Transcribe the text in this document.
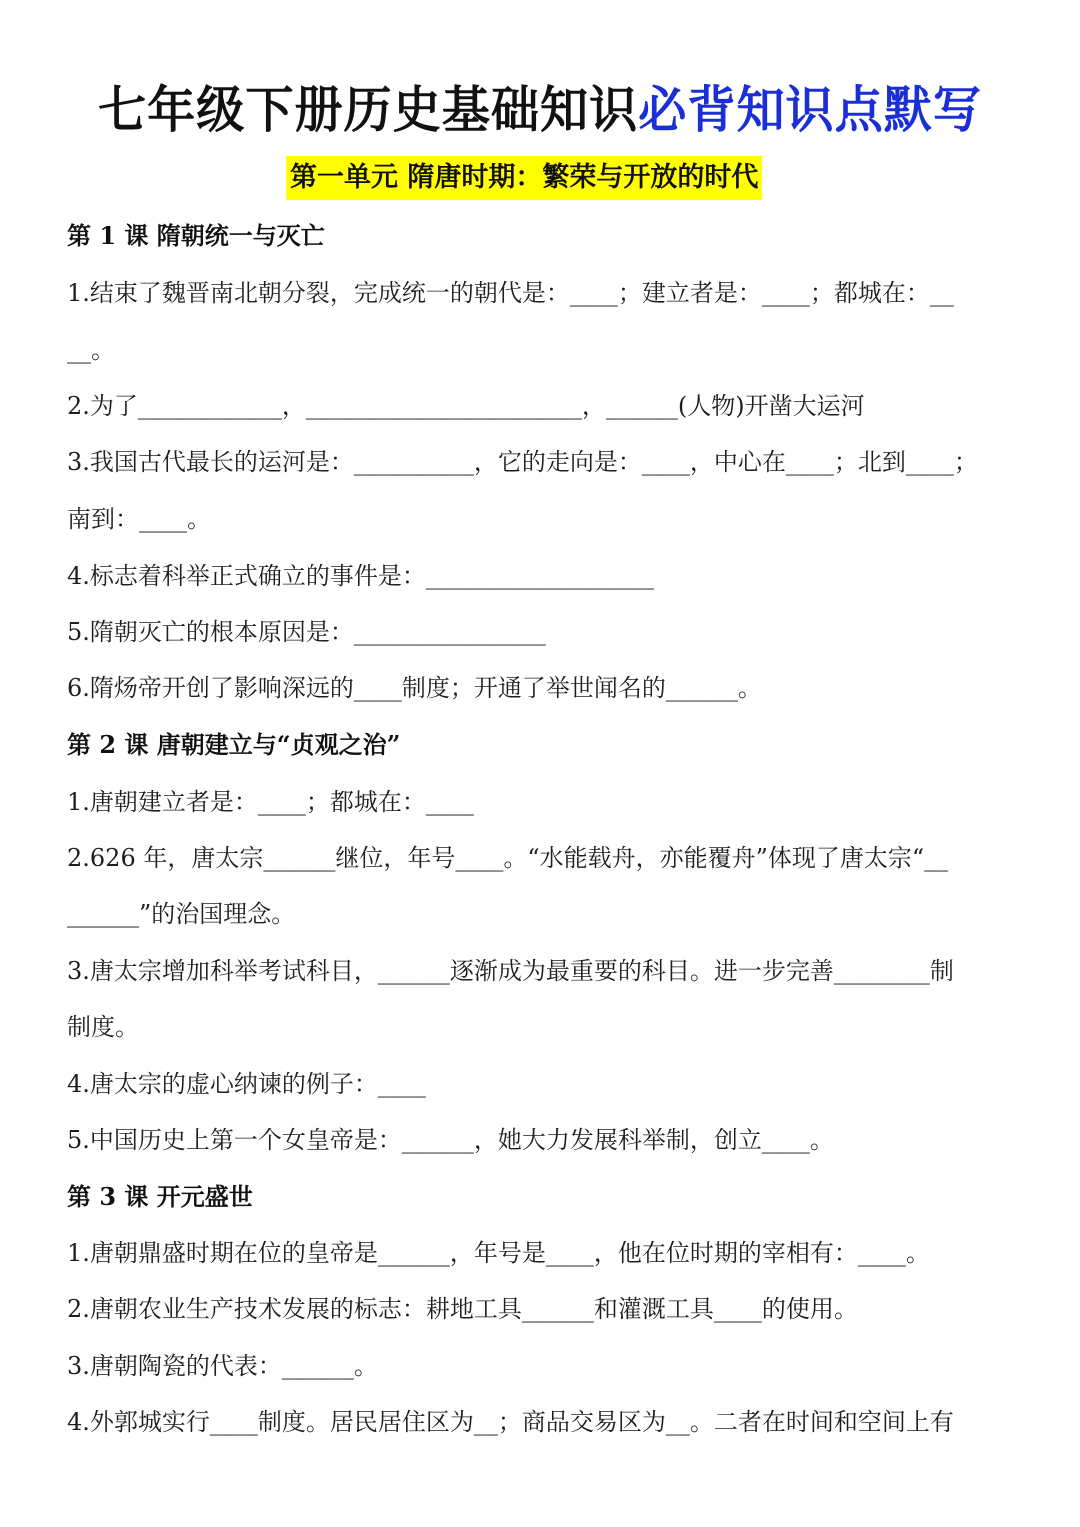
七年级下册历史基础知识必背知识点默写
第一单元 隋唐时期：繁荣与开放的时代
第 1 课 隋朝统一与灭亡
1.结束了魏晋南北朝分裂，完成统一的朝代是：____；建立者是：____；都城在：__
__。
2.为了____________，_______________________，______(人物)开凿大运河
3.我国古代最长的运河是：__________，它的走向是：____，中心在____；北到____；
南到：____。
4.标志着科举正式确立的事件是：___________________
5.隋朝灭亡的根本原因是：________________
6.隋炀帝开创了影响深远的____制度；开通了举世闻名的______。
第 2 课 唐朝建立与“贞观之治”
1.唐朝建立者是：____；都城在：____
2.626 年，唐太宗______继位，年号____。“水能载舟，亦能覆舟”体现了唐太宗“__
______”的治国理念。
3.唐太宗增加科举考试科目，______逐渐成为最重要的科目。进一步完善________制
制度。
4.唐太宗的虚心纳谏的例子：____
5.中国历史上第一个女皇帝是：______，她大力发展科举制，创立____。
第 3 课 开元盛世
1.唐朝鼎盛时期在位的皇帝是______，年号是____，他在位时期的宰相有：____。
2.唐朝农业生产技术发展的标志：耕地工具______和灌溉工具____的使用。
3.唐朝陶瓷的代表：______。
4.外郭城实行____制度。居民居住区为__；商品交易区为__。二者在时间和空间上有
